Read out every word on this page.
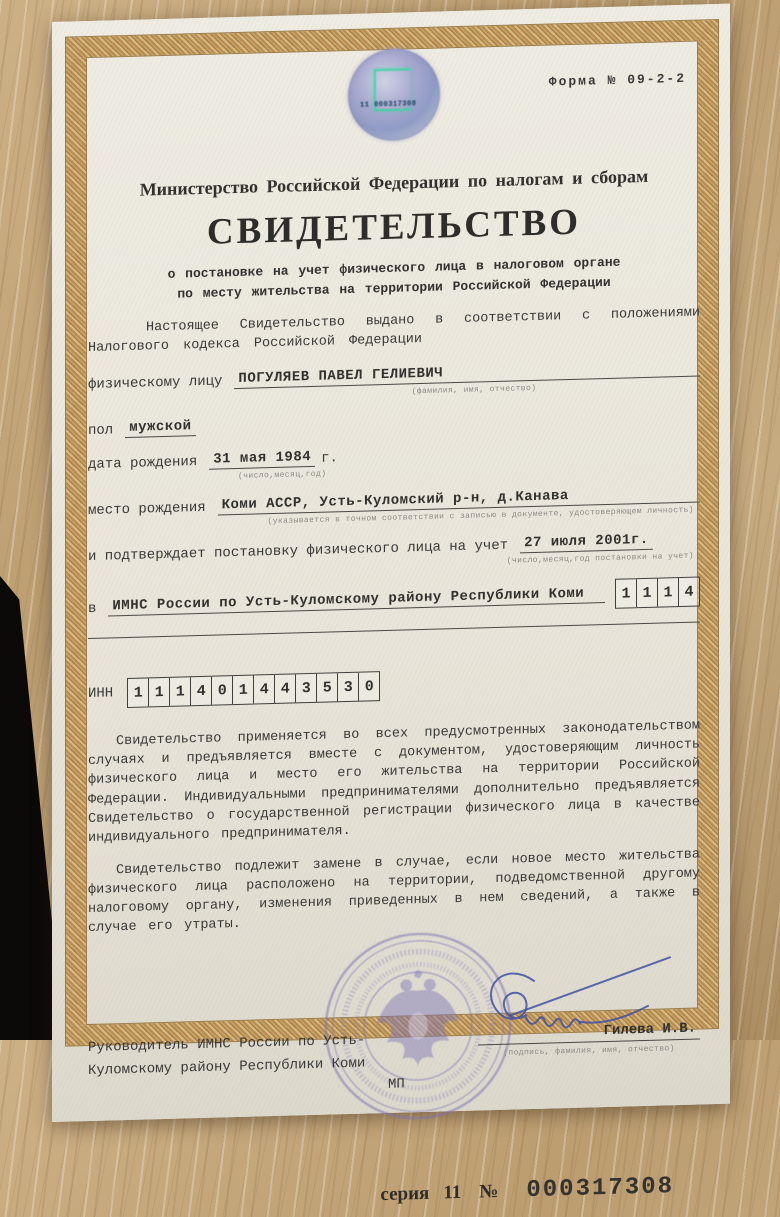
11 000317308
Форма № 09-2-2
Министерство Российской Федерации по налогам и сборам
СВИДЕТЕЛЬСТВО
о постановке на учет физического лица в налоговом органе
по месту жительства на территории Российской Федерации
Настоящее Свидетельство выдано в соответствии с положениями Налогового кодекса Российской Федерации
физическому лицу	ПОГУЛЯЕВ ПАВЕЛ ГЕЛИЕВИЧ
(фамилия, имя, отчество)
пол	мужской
дата рождения	31 мая 1984 г.
(число,месяц,год)
место рождения	Коми АССР, Усть-Куломский р-н, д.Канава
(указывается в точном соответствии с записью в документе, удостоверяющем личность)
и подтверждает постановку физического лица на учет	27 июля 2001г.
(число,месяц,год постановки на учет)
в	ИМНС России по Усть-Куломскому району Республики Коми	1 1 1 4
ИНН	1 1 1 4 0 1 4 4 3 5 3 0
Свидетельство применяется во всех предусмотренных законодательством случаях и предъявляется вместе с документом, удостоверяющим личность физического лица и место его жительства на территории Российской Федерации. Индивидуальными предпринимателями дополнительно предъявляется Свидетельство о государственной регистрации физического лица в качестве индивидуального предпринимателя.
Свидетельство подлежит замене в случае, если новое место жительства физического лица расположено на территории, подведомственной другому налоговому органу, изменения приведенных в нем сведений, а также в случае его утраты.
Руководитель ИМНС России по Усть-
Куломскому району Республики Коми
МП
Гилева И.В.
(подпись, фамилия, имя, отчество)
серия 11 № 000317308
